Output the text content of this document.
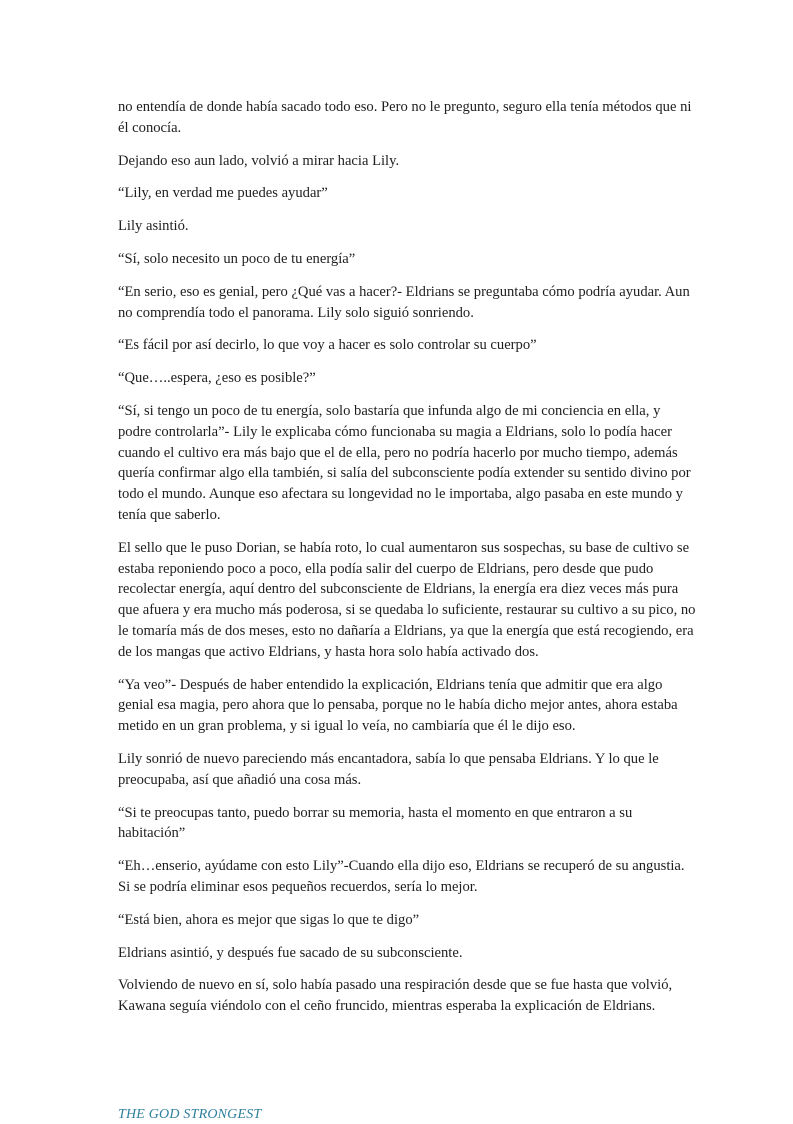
no entendía de donde había sacado todo eso. Pero no le pregunto, seguro ella tenía métodos que ni él conocía.

Dejando eso aun lado, volvió a mirar hacia Lily.

“Lily, en verdad me puedes ayudar”

Lily asintió.

“Sí, solo necesito un poco de tu energía”

“En serio, eso es genial, pero ¿Qué vas a hacer?- Eldrians se preguntaba cómo podría ayudar. Aun no comprendía todo el panorama. Lily solo siguió sonriendo.

“Es fácil por así decirlo, lo que voy a hacer es solo controlar su cuerpo”

“Que…..espera, ¿eso es posible?”

“Sí, si tengo un poco de tu energía, solo bastaría que infunda algo de mi conciencia en ella, y podre controlarla”- Lily le explicaba cómo funcionaba su magia a Eldrians, solo lo podía hacer cuando el cultivo era más bajo que el de ella, pero no podría hacerlo por mucho tiempo, además quería confirmar algo ella también, si salía del subconsciente podía extender su sentido divino por todo el mundo. Aunque eso afectara su longevidad no le importaba, algo pasaba en este mundo y tenía que saberlo.

El sello que le puso Dorian, se había roto, lo cual aumentaron sus sospechas, su base de cultivo se estaba reponiendo poco a poco, ella podía salir del cuerpo de Eldrians, pero desde que pudo recolectar energía, aquí dentro del subconsciente de Eldrians, la energía era diez veces más pura que afuera y era mucho más poderosa, si se quedaba lo suficiente, restaurar su cultivo a su pico, no le tomaría más de dos meses, esto no dañaría a Eldrians, ya que la energía que está recogiendo, era de los mangas que activo Eldrians, y hasta hora solo había activado dos.

“Ya veo”- Después de haber entendido la explicación, Eldrians tenía que admitir que era algo genial esa magia, pero ahora que lo pensaba, porque no le había dicho mejor antes, ahora estaba metido en un gran problema, y si igual lo veía, no cambiaría que él le dijo eso.

Lily sonrió de nuevo pareciendo más encantadora, sabía lo que pensaba Eldrians. Y lo que le preocupaba, así que añadió una cosa más.

“Si te preocupas tanto, puedo borrar su memoria, hasta el momento en que entraron a su habitación”

“Eh…enserio, ayúdame con esto Lily”-Cuando ella dijo eso, Eldrians se recuperó de su angustia. Si se podría eliminar esos pequeños recuerdos, sería lo mejor.

“Está bien, ahora es mejor que sigas lo que te digo”

Eldrians asintió, y después fue sacado de su subconsciente.

Volviendo de nuevo en sí, solo había pasado una respiración desde que se fue hasta que volvió, Kawana seguía viéndolo con el ceño fruncido, mientras esperaba la explicación de Eldrians.

THE GOD STRONGEST
